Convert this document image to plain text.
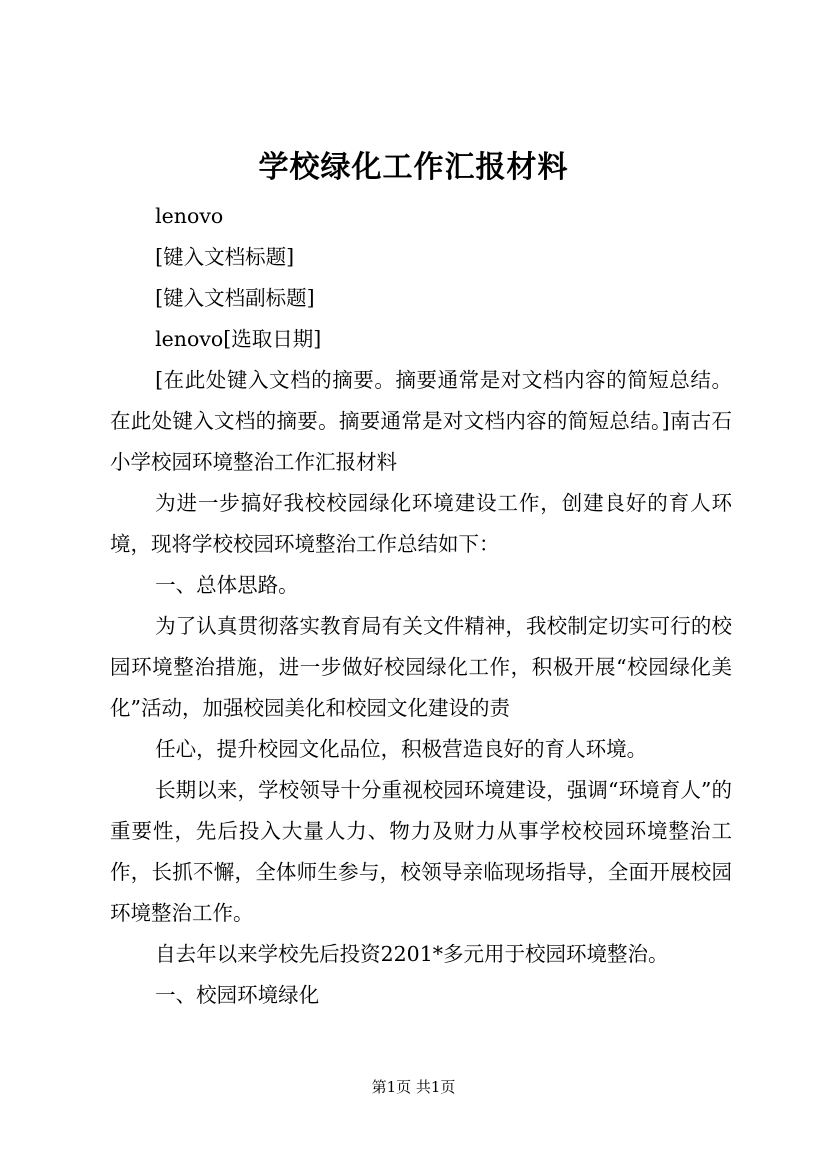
学校绿化工作汇报材料

lenovo

[键入文档标题]

[键入文档副标题]

lenovo[选取日期]

[在此处键入文档的摘要。摘要通常是对文档内容的简短总结。在此处键入文档的摘要。摘要通常是对文档内容的简短总结。]南古石小学校园环境整治工作汇报材料

为进一步搞好我校校园绿化环境建设工作，创建良好的育人环境，现将学校校园环境整治工作总结如下：

一、总体思路。

为了认真贯彻落实教育局有关文件精神，我校制定切实可行的校园环境整治措施，进一步做好校园绿化工作，积极开展“校园绿化美化”活动，加强校园美化和校园文化建设的责

任心，提升校园文化品位，积极营造良好的育人环境。

长期以来，学校领导十分重视校园环境建设，强调“环境育人”的重要性，先后投入大量人力、物力及财力从事学校校园环境整治工作，长抓不懈，全体师生参与，校领导亲临现场指导，全面开展校园环境整治工作。

自去年以来学校先后投资2201*多元用于校园环境整治。

一、校园环境绿化

第1页 共1页
